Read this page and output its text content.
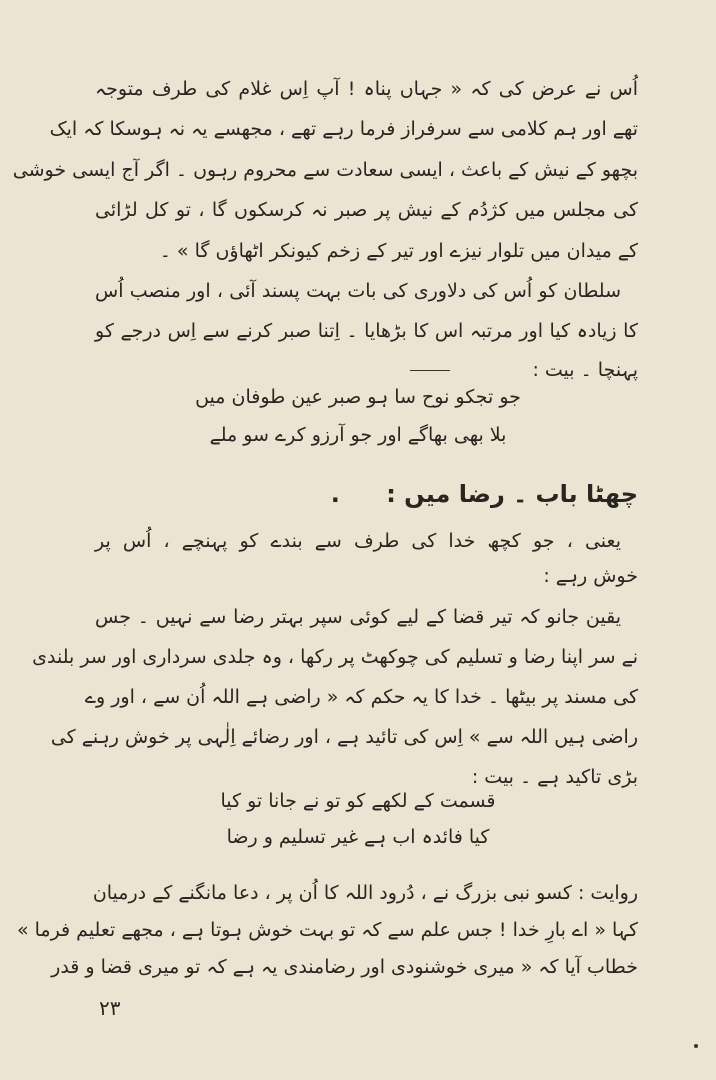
اُس نے عرض کی کہ « جہاں پناہ ! آپ اِس غلام کی طرف متوجہ
تھے اور ہم کلامی سے سرفراز فرما رہے تھے ، مجھسے یہ نہ ہوسکا کہ ایک
بچھو کے نیش کے باعث ، ایسی سعادت سے محروم رہوں ۔ اگر آج ایسی خوشی
کی مجلس میں کژدُم کے نیش پر صبر نہ کرسکوں گا ، تو کل لڑائی
کے میدان میں تلوار نیزے اور تیر کے زخم کیونکر اٹھاؤں گا » ۔
سلطان کو اُس کی دلاوری کی بات بہت پسند آئی ، اور منصب اُس
کا زیادہ کیا اور مرتبہ اس کا بڑھایا ۔ اِتنا صبر کرنے سے اِس درجے کو
پہنچا ۔ بیت :
جو تجکو نوح سا ہو صبر عین طوفان میں
بلا بھی بھاگے اور جو آرزو کرے سو ملے
چھٹا باب ۔ رضا میں : .
یعنی ، جو کچھ خدا کی طرف سے بندے کو پہنچے ، اُس پر
خوش رہے :
یقین جانو کہ تیر قضا کے لیے کوئی سپر بہتر رضا سے نہیں ۔ جس
نے سر اپنا رضا و تسلیم کی چوکھٹ پر رکھا ، وہ جلدی سرداری اور سر بلندی
کی مسند پر بیٹھا ۔ خدا کا یہ حکم کہ « راضی ہے اللہ اُن سے ، اور وے
راضی ہیں اللہ سے » اِس کی تائید ہے ، اور رضائے اِلٰہی پر خوش رہنے کی
بڑی تاکید ہے ۔ بیت :
قسمت کے لکھے کو تو نے جانا تو کیا
کیا فائدہ اب ہے غیر تسلیم و رضا
روایت : کسو نبی بزرگ نے ، دُرود اللہ کا اُن پر ، دعا مانگنے کے درمیان
کہا « اے بارِ خدا ! جس علم سے کہ تو بہت خوش ہوتا ہے ، مجھے تعلیم فرما »
خطاب آیا کہ « میری خوشنودی اور رضامندی یہ ہے کہ تو میری قضا و قدر
۲۳
